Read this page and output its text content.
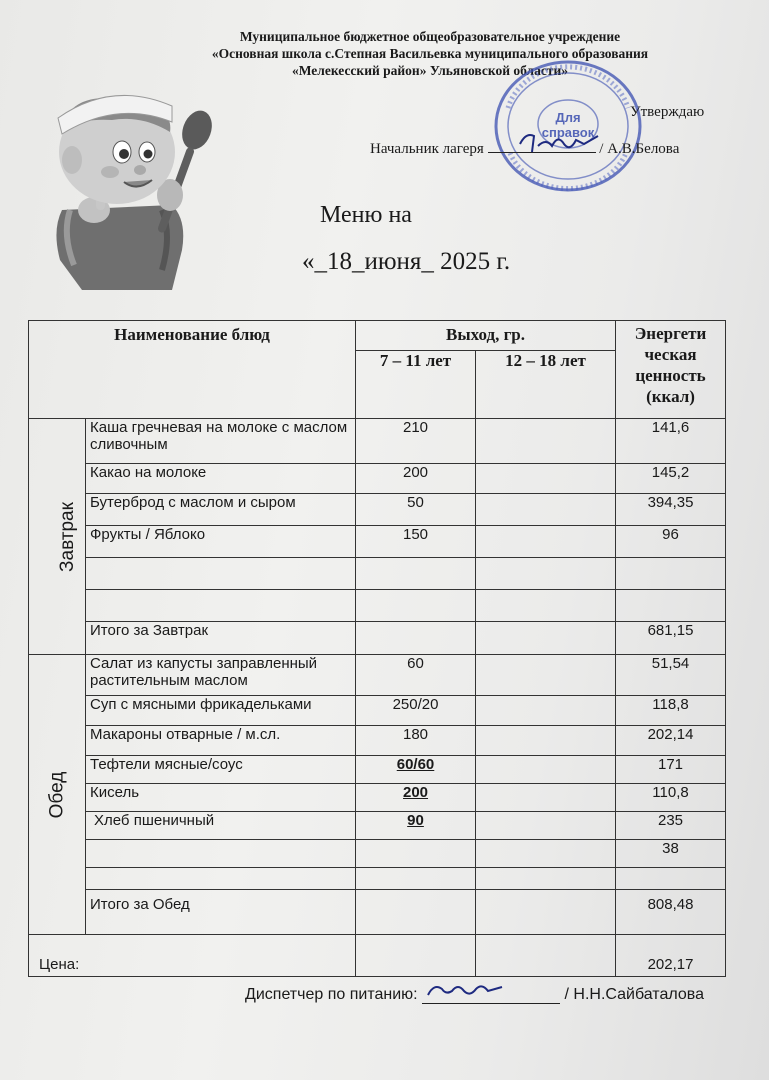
Муниципальное бюджетное общеобразовательное учреждение
«Основная школа с.Степная Васильевка муниципального образования
«Мелекесский район» Ульяновской области»
Для
справок
Утверждаю
Начальник лагеря	/ А.В.Белова
Меню на
«_18_июня_ 2025 г.
Наименование блюд		Выход, гр.		Энергети ческая ценность (ккал)
		7 – 11 лет	12 – 18 лет	
Завтрак	Каша гречневая на молоке с маслом сливочным	210		141,6
	Какао на молоке	200		145,2
	Бутерброд с маслом и сыром	50		394,35
	Фрукты / Яблоко	150		96

	Итого за Завтрак			681,15
Обед	Салат из капусты заправленный растительным маслом	60		51,54
	Суп с мясными фрикадельками	250/20		118,8
	Макароны отварные / м.сл.	180		202,14
	Тефтели мясные/соус	60/60		171
	Кисель	200		110,8
	Хлеб пшеничный	90		235
				38

	Итого за Обед			808,48
Цена:				202,17
Диспетчер по питанию:	/ Н.Н.Сайбаталова
